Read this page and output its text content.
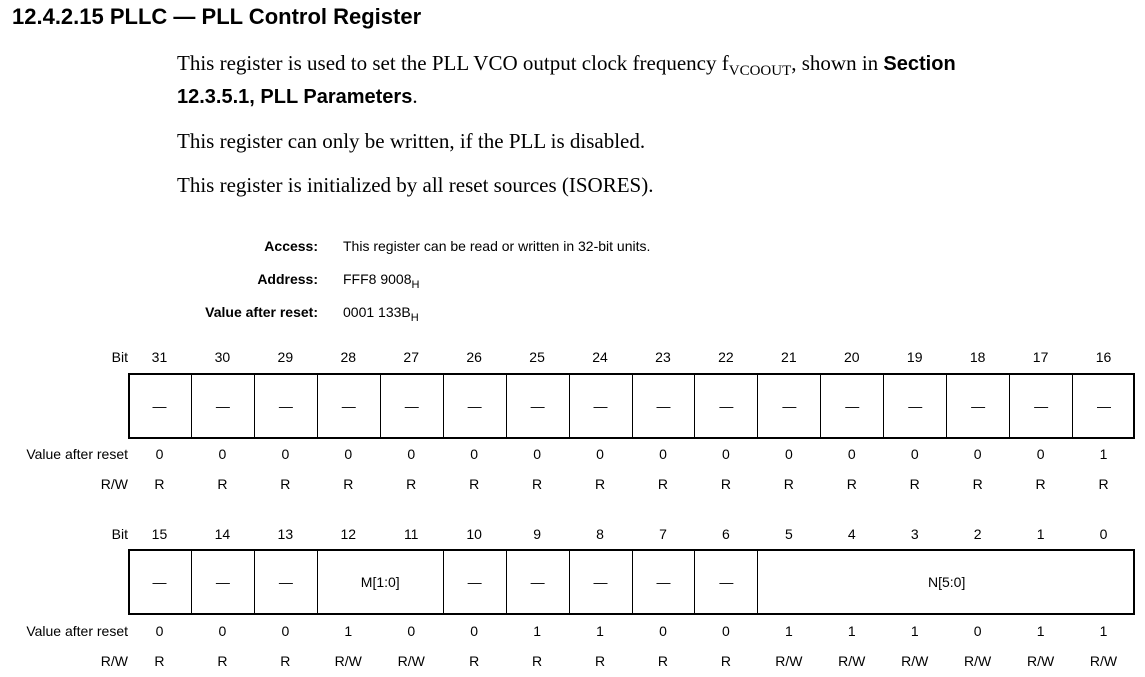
12.4.2.15 PLLC — PLL Control Register
This register is used to set the PLL VCO output clock frequency $f_{VCOOUT}$, shown in Section
12.3.5.1, PLL Parameters.
This register can only be written, if the PLL is disabled.
This register is initialized by all reset sources (ISORES).
Access: This register can be read or written in 32-bit units.
Address: FFF8 $9008_H$
Value after reset: 0001 $133B_H$
Bit	31	30	29	28	27	26	25	24	23	22	21	20	19	18	17	16
—	—	—	—	—	—	—	—	—	—	—	—	—	—	—	—
Value after reset	0	0	0	0	0	0	0	0	0	0	0	0	0	0	0	1
R/W	R	R	R	R	R	R	R	R	R	R	R	R	R	R	R	R
Bit	15	14	13	12	11	10	9	8	7	6	5	4	3	2	1	0
—	—	—	M[1:0]	—	—	—	—	—	N[5:0]
Value after reset	0	0	0	1	0	0	1	1	0	0	1	1	1	0	1	1
R/W	R	R	R	R/W	R/W	R	R	R	R	R	R/W	R/W	R/W	R/W	R/W	R/W
